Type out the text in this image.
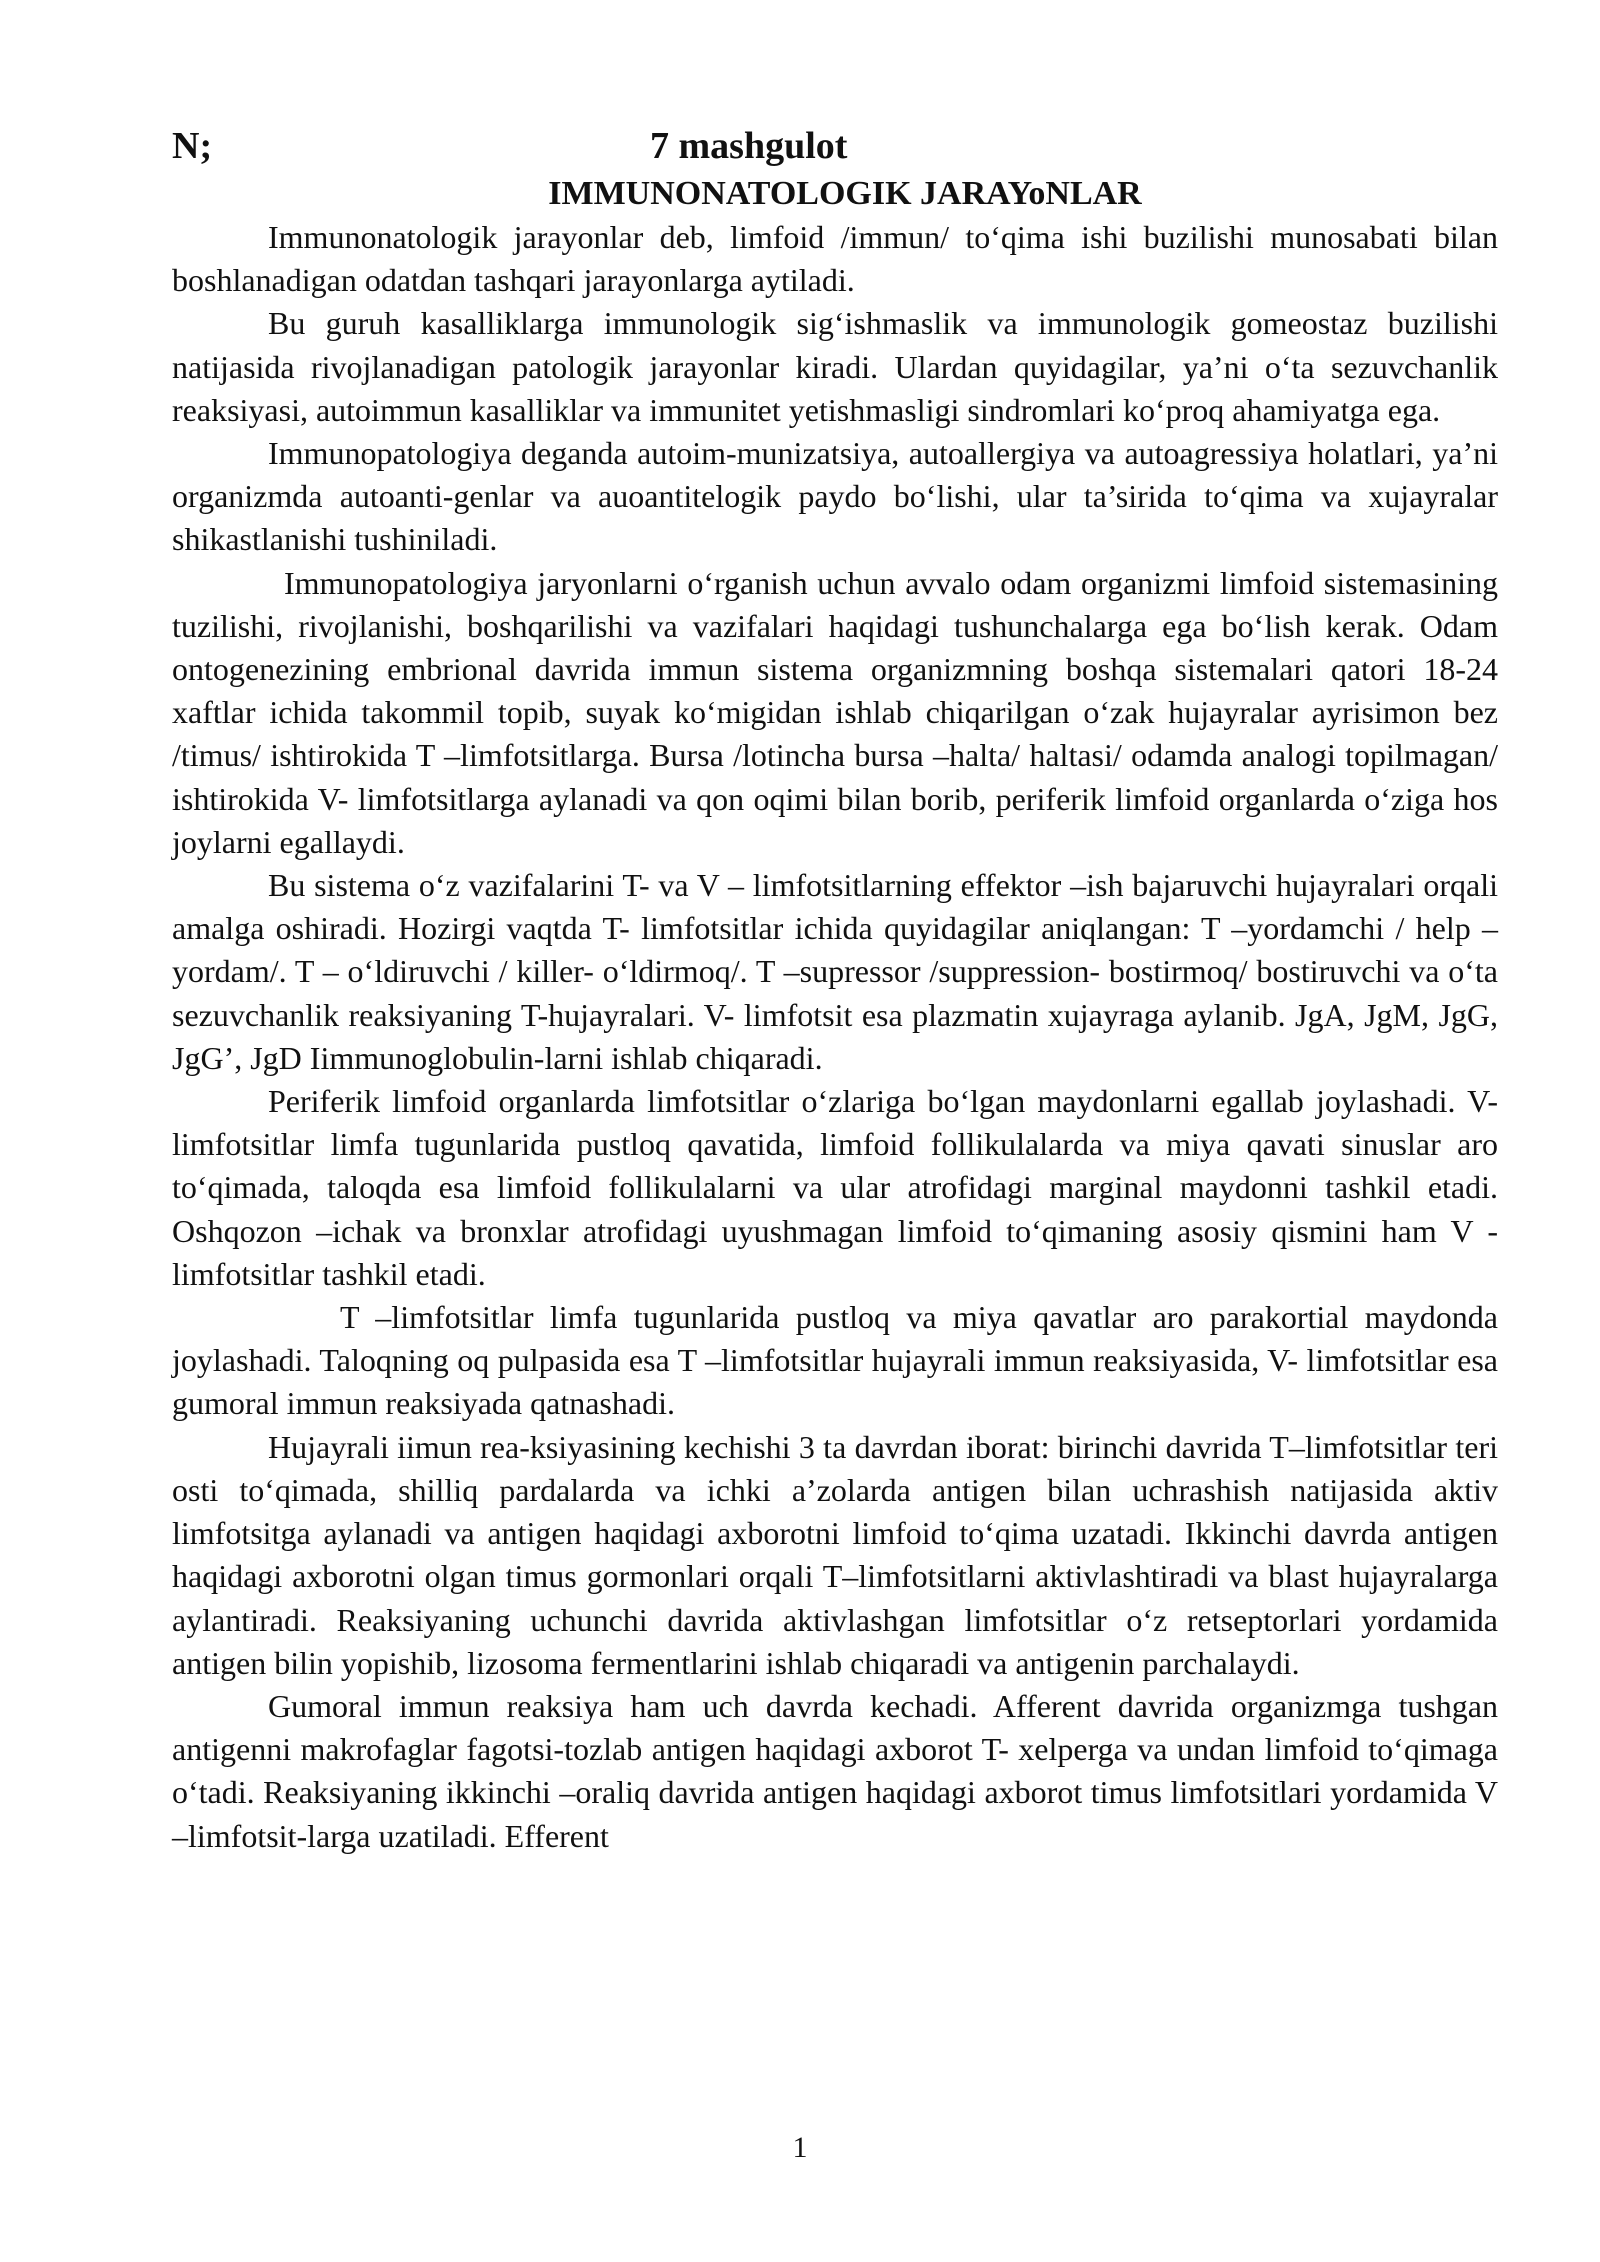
N;	7 mashgulot
IMMUNONATOLOGIK JARAYoNLAR

Immunonatologik jarayonlar deb, limfoid /immun/ to‘qima ishi buzilishi munosabati bilan boshlanadigan odatdan tashqari jarayonlarga aytiladi.

Bu guruh kasalliklarga immunologik sig‘ishmaslik va immunologik gomeostaz buzilishi natijasida rivojlanadigan patologik jarayonlar kiradi. Ulardan quyidagilar, ya’ni o‘ta sezuvchanlik reaksiyasi, autoimmun kasalliklar va immunitet yetishmasligi sindromlari ko‘proq ahamiyatga ega.

Immunopatologiya deganda autoim-munizatsiya, autoallergiya va autoagressiya holatlari, ya’ni organizmda autoanti-genlar va auoantitelogik paydo bo‘lishi, ular ta’sirida to‘qima va xujayralar shikastlanishi tushiniladi.

Immunopatologiya jaryonlarni o‘rganish uchun avvalo odam organizmi limfoid sistemasining tuzilishi, rivojlanishi, boshqarilishi va vazifalari haqidagi tushunchalarga ega bo‘lish kerak. Odam ontogenezining embrional davrida immun sistema organizmning boshqa sistemalari qatori 18-24 xaftlar ichida takommil topib, suyak ko‘migidan ishlab chiqarilgan o‘zak hujayralar ayrisimon bez /timus/ ishtirokida T –limfotsitlarga. Bursa /lotincha bursa –halta/ haltasi/ odamda analogi topilmagan/ ishtirokida V- limfotsitlarga aylanadi va qon oqimi bilan borib, periferik limfoid organlarda o‘ziga hos joylarni egallaydi.

Bu sistema o‘z vazifalarini T- va V – limfotsitlarning effektor –ish bajaruvchi hujayralari orqali amalga oshiradi. Hozirgi vaqtda T- limfotsitlar ichida quyidagilar aniqlangan: T –yordamchi / help –yordam/. T – o‘ldiruvchi / killer- o‘ldirmoq/. T –supressor /suppression- bostirmoq/ bostiruvchi va o‘ta sezuvchanlik reaksiyaning T-hujayralari. V- limfotsit esa plazmatin xujayraga aylanib. JgA, JgM, JgG, JgG’, JgD Iimmunoglobulin-larni ishlab chiqaradi.

Periferik limfoid organlarda limfotsitlar o‘zlariga bo‘lgan maydonlarni egallab joylashadi. V- limfotsitlar limfa tugunlarida pustloq qavatida, limfoid follikulalarda va miya qavati sinuslar aro to‘qimada, taloqda esa limfoid follikulalarni va ular atrofidagi marginal maydonni tashkil etadi. Oshqozon –ichak va bronxlar atrofidagi uyushmagan limfoid to‘qimaning asosiy qismini ham V - limfotsitlar tashkil etadi.

T –limfotsitlar limfa tugunlarida pustloq va miya qavatlar aro parakortial maydonda joylashadi. Taloqning oq pulpasida esa T –limfotsitlar hujayrali immun reaksiyasida, V- limfotsitlar esa gumoral immun reaksiyada qatnashadi.

Hujayrali iimun rea-ksiyasining kechishi 3 ta davrdan iborat: birinchi davrida T–limfotsitlar teri osti to‘qimada, shilliq pardalarda va ichki a’zolarda antigen bilan uchrashish natijasida aktiv limfotsitga aylanadi va antigen haqidagi axborotni limfoid to‘qima uzatadi. Ikkinchi davrda antigen haqidagi axborotni olgan timus gormonlari orqali T–limfotsitlarni aktivlashtiradi va blast hujayralarga aylantiradi. Reaksiyaning uchunchi davrida aktivlashgan limfotsitlar o‘z retseptorlari yordamida antigen bilin yopishib, lizosoma fermentlarini ishlab chiqaradi va antigenin parchalaydi.

Gumoral immun reaksiya ham uch davrda kechadi. Afferent davrida organizmga tushgan antigenni makrofaglar fagotsi-tozlab antigen haqidagi axborot T- xelperga va undan limfoid to‘qimaga o‘tadi. Reaksiyaning ikkinchi –oraliq davrida antigen haqidagi axborot timus limfotsitlari yordamida V –limfotsit-larga uzatiladi. Efferent

1
